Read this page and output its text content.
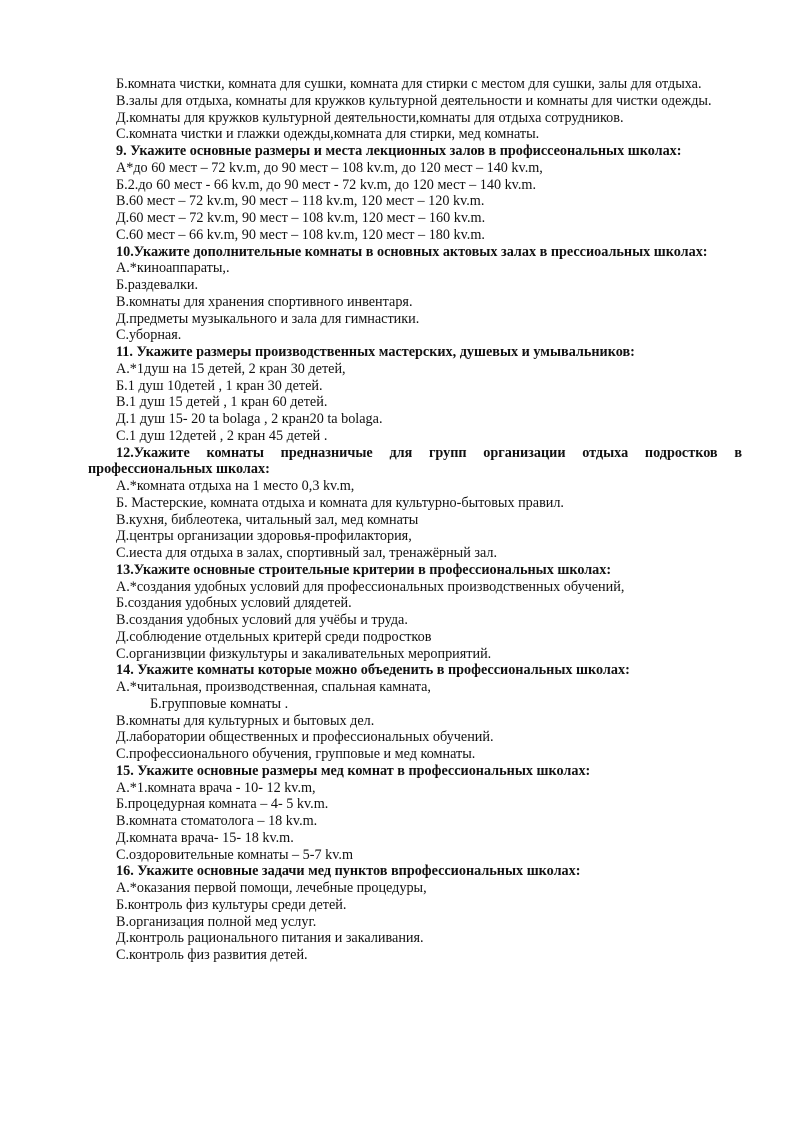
Б.комната чистки, комната для сушки, комната для стирки с местом для сушки, залы для отдыха.
В.залы для отдыха, комнаты для кружков культурной деятельности и комнаты для чистки одежды.
Д.комнаты для кружков культурной деятельности,комнаты для отдыха сотрудников.
С.комната чистки и глажки одежды,комната для стирки, мед комнаты.
9. Укажите основные размеры и места лекционных залов в профиссеональных школах:
А*до 60 мест – 72 kv.m, до 90 мест – 108 kv.m, до 120 мест – 140 kv.m,
Б.2.до 60 мест - 66 kv.m, до 90 мест - 72 kv.m, до 120 мест – 140 kv.m.
В.60 мест – 72 kv.m, 90 мест – 118 kv.m, 120 мест – 120 kv.m.
Д.60 мест – 72 kv.m, 90 мест – 108 kv.m, 120 мест – 160 kv.m.
С.60 мест – 66 kv.m, 90 мест – 108 kv.m, 120 мест – 180 kv.m.
10.Укажите дополнительные комнаты в основных актовых залах в прессиоальных школах:
А.*киноаппараты,.
Б.раздевалки.
В.комнаты для хранения спортивного инвентаря.
Д.предметы музыкального и зала для гимнастики.
С.уборная.
11. Укажите размеры производственных мастерских, душевых и умывальников:
А.*1душ на 15 детей, 2 кран 30 детей,
Б.1 душ 10детей , 1 кран 30 детей.
В.1 душ 15 детей , 1 кран 60 детей.
Д.1 душ 15- 20 ta bolaga , 2 кран20 ta bolaga.
С.1 душ 12детей , 2 кран 45 детей .
12.Укажите комнаты предназничые для групп организации отдыха подростков в профессиональных школах:
А.*комната отдыха на 1 место 0,3 kv.m,
Б. Мастерские, комната отдыха и комната для культурно-бытовых правил.
В.кухня, библеотека, читальный зал, мед комнаты
Д.центры организации здоровья-профилактория,
С.иеста для отдыха в залах, спортивный зал, тренажёрный зал.
13.Укажите основные строительные критерии в профессиональных школах:
А.*создания удобных условий для профессиональных производственных обучений,
Б.создания удобных условий длядетей.
В.создания удобных условий для учёбы и труда.
Д.соблюдение отдельных критерй среди подростков
С.организвции физкультуры и закаливательных мероприятий.
14. Укажите комнаты которые можно объеденить в профессиональных школах:
А.*читальная, производственная, спальная камната,
Б.групповые комнаты .
В.комнаты для культурных и бытовых дел.
Д.лаборатории общественных и профессиональных обучений.
С.профессионального обучения, групповые и мед комнаты.
15. Укажите основные размеры мед комнат в профессиональных школах:
А.*1.комната врача - 10- 12 kv.m,
Б.процедурная комната – 4- 5 kv.m.
В.комната стоматолога – 18 kv.m.
Д.комната врача- 15- 18 kv.m.
С.оздоровительные комнаты – 5-7 kv.m
16. Укажите основные задачи мед пунктов впрофессиональных школах:
А.*оказания первой помощи, лечебные процедуры,
Б.контроль физ культуры среди детей.
В.организация полной мед услуг.
Д.контроль рационального питания и закаливания.
С.контроль физ развития детей.
